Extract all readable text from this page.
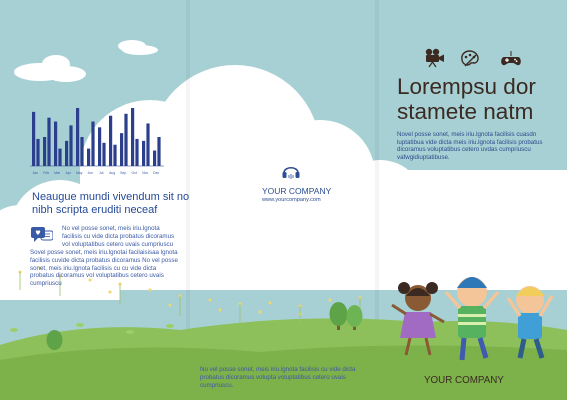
Jan Feb Mar Apr May Jun Jul Aug Sep Oct Nov Dec
Neaugue mundi vivendum sit no nibh scripta eruditi neceaf

No vel posse sonet, meis iriu.lgnota facilisis cu vide dicta probatus dicoramus vol voluptatibus cetero uvais cumpriuscu

Sovel posse sonet, meis iriu.lgnotai facilaisisaa lgnota facilisis cuvide dicta probatus dicoramus No vel posse sonet, meis iriu.lgnota facilisis cu cu vide dicta probatus dicoramus vol voluptatibus cetero uvais cumpriuscu

YOUR COMPANY
www.yourcompany.com

No vel posse sonet, meis iriu.lgnota facilisis cu vide dicta probatus dicoramus volupta voluptatibus cetero uvais cumpriuscu.

Lorempsu dor
stamete natm

Novel posse sonet, meis iriu.lgnota facilisis cuasdn luptatibua vide dicta meis iriu.lgnota facilisis probatus dicoramus voluptatibus cetero uvdas cumpriuscu vafwgidiuptatibuse.

YOUR COMPANY
